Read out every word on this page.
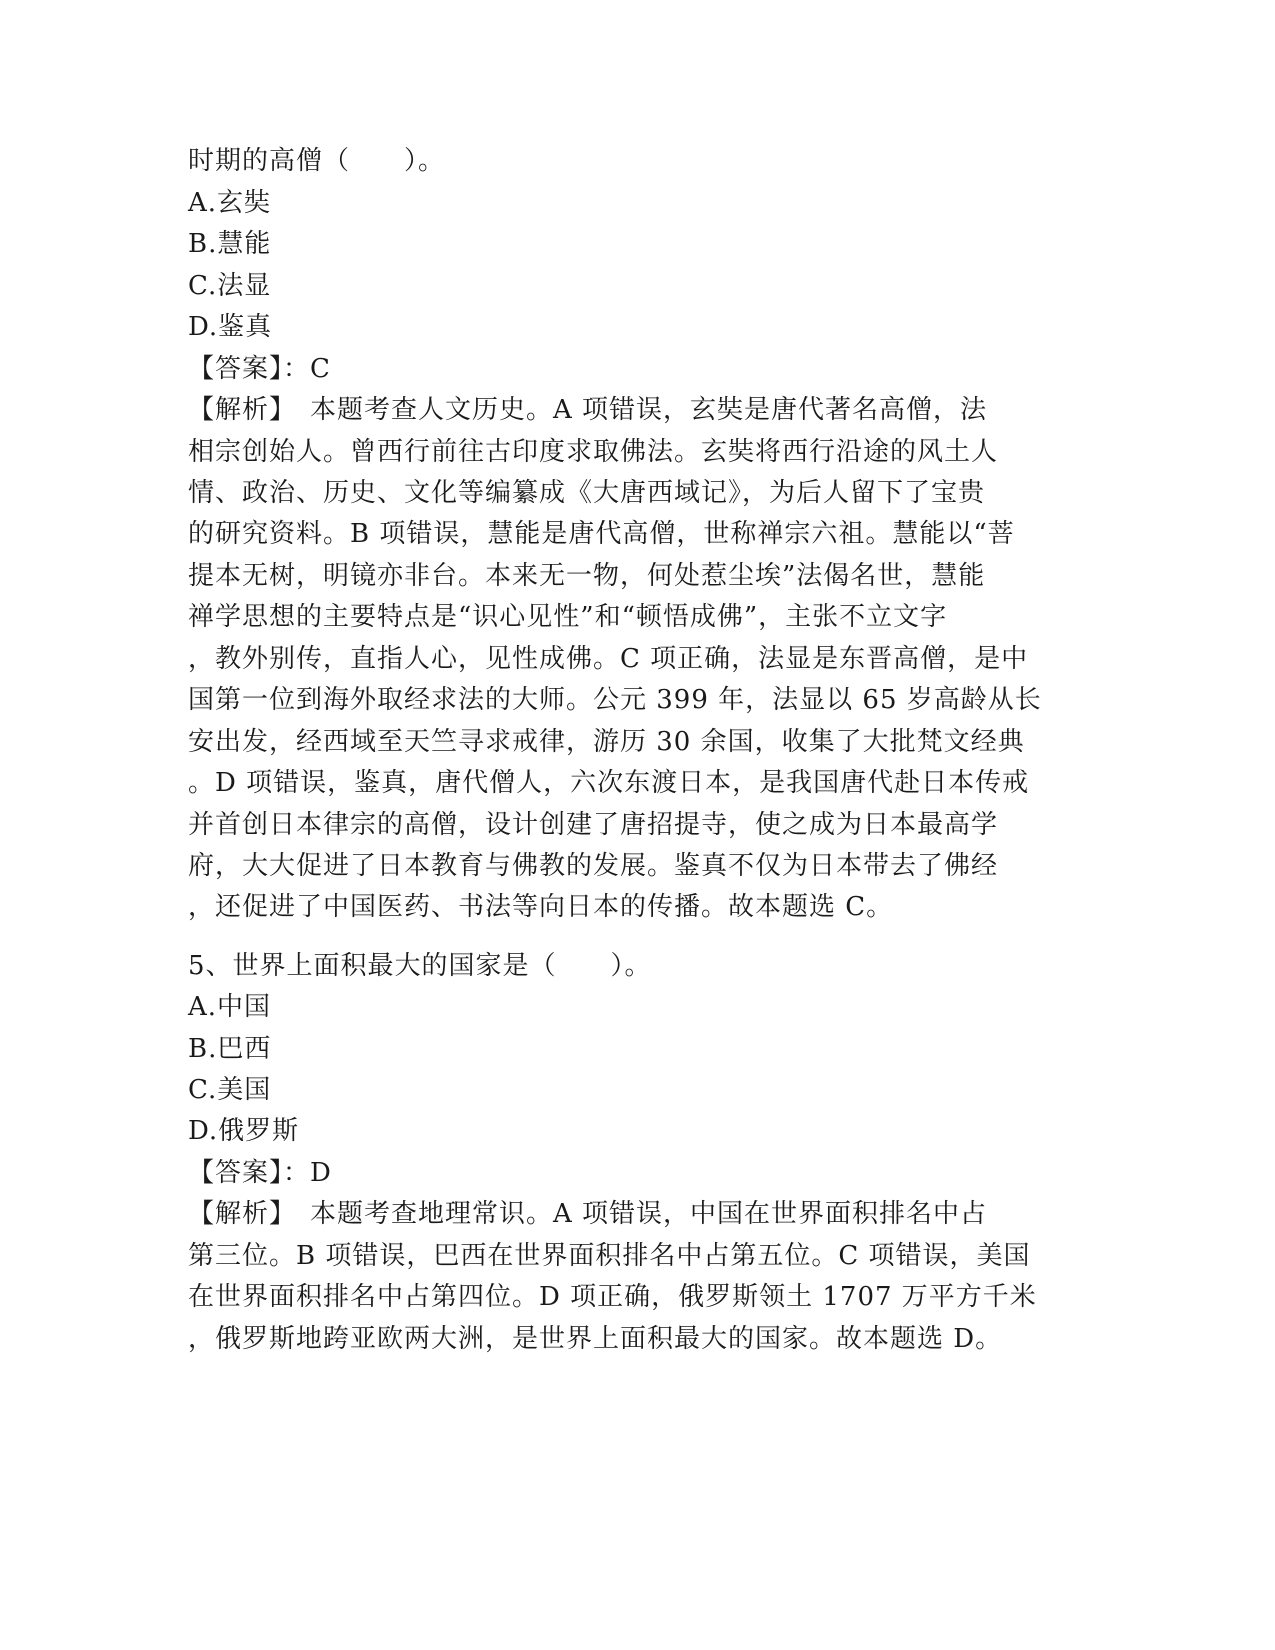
时期的高僧（　　）。
A.玄奘
B.慧能
C.法显
D.鉴真
【答案】：C
【解析】　本题考查人文历史。A 项错误，玄奘是唐代著名高僧，法
相宗创始人。曾西行前往古印度求取佛法。玄奘将西行沿途的风土人
情、政治、历史、文化等编纂成《大唐西域记》，为后人留下了宝贵
的研究资料。B 项错误，慧能是唐代高僧，世称禅宗六祖。慧能以“菩
提本无树，明镜亦非台。本来无一物，何处惹尘埃”法偈名世，慧能
禅学思想的主要特点是“识心见性”和“顿悟成佛”，主张不立文字
，教外别传，直指人心，见性成佛。C 项正确，法显是东晋高僧，是中
国第一位到海外取经求法的大师。公元 399 年，法显以 65 岁高龄从长
安出发，经西域至天竺寻求戒律，游历 30 余国，收集了大批梵文经典
。D 项错误，鉴真，唐代僧人，六次东渡日本，是我国唐代赴日本传戒
并首创日本律宗的高僧，设计创建了唐招提寺，使之成为日本最高学
府，大大促进了日本教育与佛教的发展。鉴真不仅为日本带去了佛经
，还促进了中国医药、书法等向日本的传播。故本题选 C。
5、世界上面积最大的国家是（　　）。
A.中国
B.巴西
C.美国
D.俄罗斯
【答案】：D
【解析】　本题考查地理常识。A 项错误，中国在世界面积排名中占
第三位。B 项错误，巴西在世界面积排名中占第五位。C 项错误，美国
在世界面积排名中占第四位。D 项正确，俄罗斯领土 1707 万平方千米
，俄罗斯地跨亚欧两大洲，是世界上面积最大的国家。故本题选 D。
